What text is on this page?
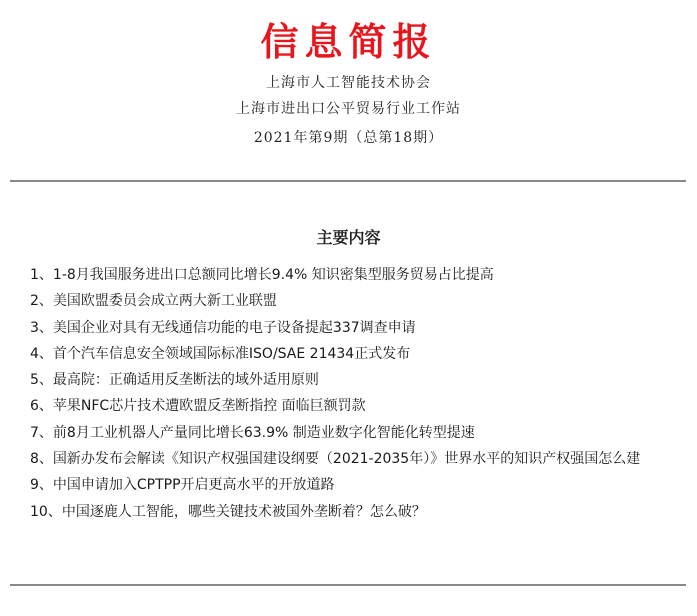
信息简报
上海市人工智能技术协会
上海市进出口公平贸易行业工作站
2021年第9期（总第18期）
主要内容
1、1-8月我国服务进出口总额同比增长9.4% 知识密集型服务贸易占比提高
2、美国欧盟委员会成立两大新工业联盟
3、美国企业对具有无线通信功能的电子设备提起337调查申请
4、首个汽车信息安全领域国际标准ISO/SAE 21434正式发布
5、最高院：正确适用反垄断法的域外适用原则
6、苹果NFC芯片技术遭欧盟反垄断指控 面临巨额罚款
7、前8月工业机器人产量同比增长63.9% 制造业数字化智能化转型提速
8、国新办发布会解读《知识产权强国建设纲要（2021-2035年）》世界水平的知识产权强国怎么建
9、中国申请加入CPTPP开启更高水平的开放道路
10、中国逐鹿人工智能，哪些关键技术被国外垄断着？怎么破？
